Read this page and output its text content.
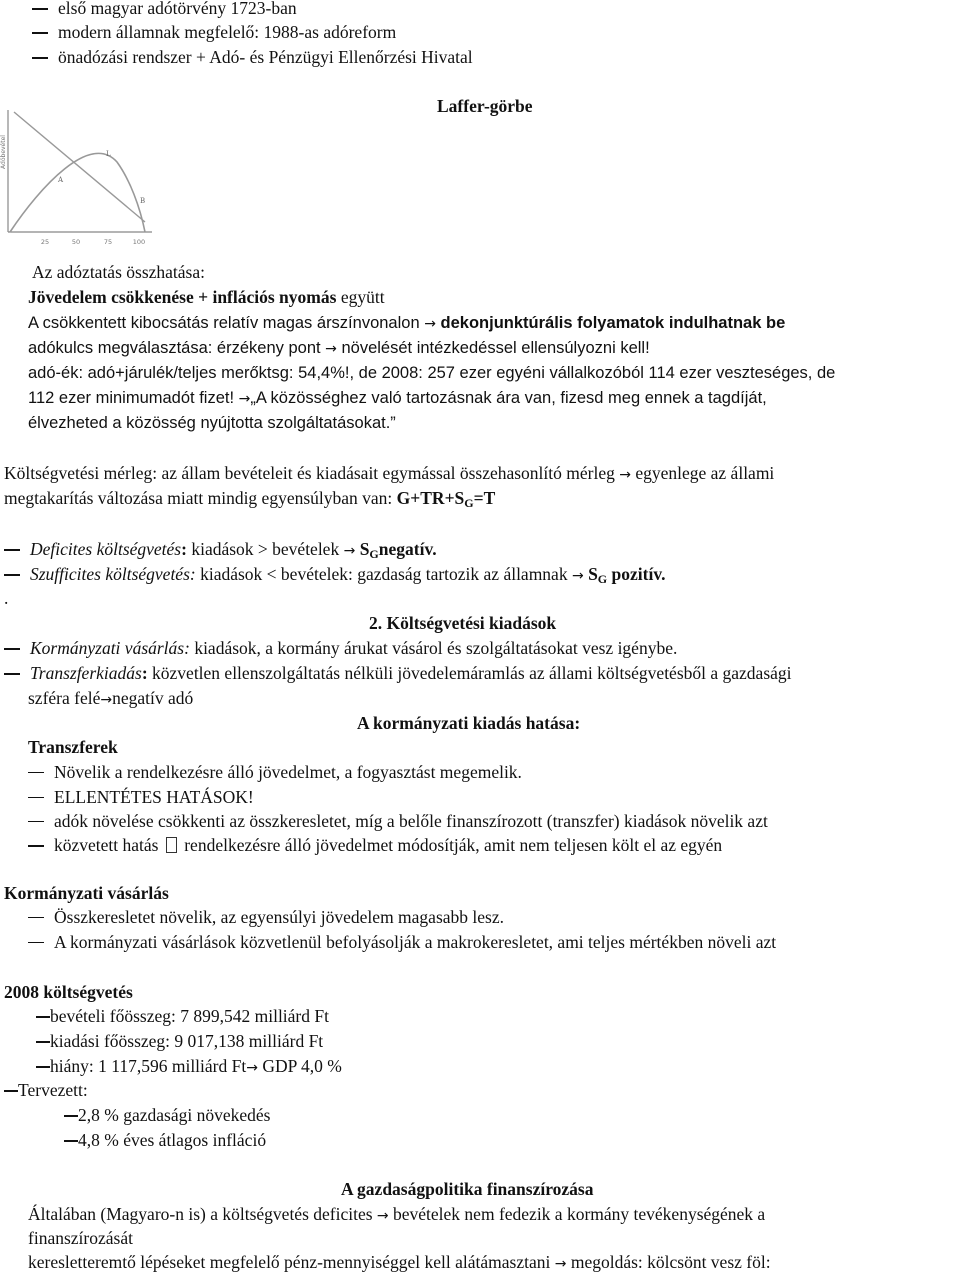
első magyar adótörvény 1723-ban
modern államnak megfelelő: 1988-as adóreform
önadózási rendszer + Adó- és Pénzügyi Ellenőrzési Hivatal
Laffer-görbe
Adóbevétel
A
L
B
25	50	75	100
Az adóztatás összhatása:
Jövedelem csökkenése + inflációs nyomás együtt
A csökkentett kibocsátás relatív magas árszínvonalon → dekonjunktúrális folyamatok indulhatnak be
adókulcs megválasztása: érzékeny pont → növelését intézkedéssel ellensúlyozni kell!
adó-ék: adó+járulék/teljes merőktsg: 54,4%!, de 2008: 257 ezer egyéni vállalkozóból 114 ezer veszteséges, de
112 ezer minimumadót fizet! →„A közösséghez való tartozásnak ára van, fizesd meg ennek a tagdíját,
élvezheted a közösség nyújtotta szolgáltatásokat.”
Költségvetési mérleg: az állam bevételeit és kiadásait egymással összehasonlító mérleg → egyenlege az állami
megtakarítás változása miatt mindig egyensúlyban van: $G+TR+S_G=T$
Deficites költségvetés: kiadások > bevételek → $S_Gnegatív$.
Szufficites költségvetés: kiadások < bevételek: gazdaság tartozik az államnak → $S_G$ pozitív.
.
2. Költségvetési kiadások
Kormányzati vásárlás: kiadások, a kormány árukat vásárol és szolgáltatásokat vesz igénybe.
Transzferkiadás: közvetlen ellenszolgáltatás nélküli jövedelemáramlás az állami költségvetésből a gazdasági
szféra felé→negatív adó
A kormányzati kiadás hatása:
Transzferek
Növelik a rendelkezésre álló jövedelmet, a fogyasztást megemelik.
ELLENTÉTES HATÁSOK!
adók növelése csökkenti az összkeresletet, míg a belőle finanszírozott (transzfer) kiadások növelik azt
közvetett hatás  rendelkezésre álló jövedelmet módosítják, amit nem teljesen költ el az egyén
Kormányzati vásárlás
Összkeresletet növelik, az egyensúlyi jövedelem magasabb lesz.
A kormányzati vásárlások közvetlenül befolyásolják a makrokeresletet, ami teljes mértékben növeli azt
2008 költségvetés
bevételi főösszeg: 7 899,542 milliárd Ft
kiadási főösszeg: 9 017,138 milliárd Ft
hiány: 1 117,596 milliárd Ft→ GDP 4,0 %
Tervezett:
2,8 % gazdasági növekedés
4,8 % éves átlagos infláció
A gazdaságpolitika finanszírozása
Általában (Magyaro-n is) a költségvetés deficites → bevételek nem fedezik a kormány tevékenységének a
finanszírozását
keresletteremtő lépéseket megfelelő pénz-mennyiséggel kell alátámasztani → megoldás: kölcsönt vesz föl:
